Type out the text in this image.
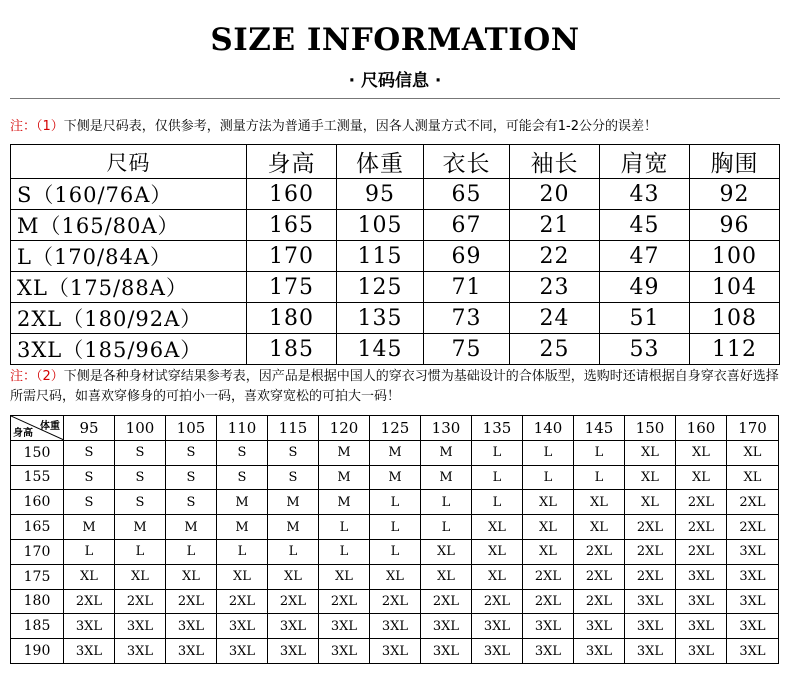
SIZE INFORMATION
· 尺码信息 ·
注：（1）下侧是尺码表，仅供参考，测量方法为普通手工测量，因各人测量方式不同，可能会有1-2公分的误差！
尺码	身高	体重	衣长	袖长	肩宽	胸围
S（160/76A）	160	95	65	20	43	92
M（165/80A）	165	105	67	21	45	96
L（170/84A）	170	115	69	22	47	100
XL（175/88A）	175	125	71	23	49	104
2XL（180/92A）	180	135	73	24	51	108
3XL（185/96A）	185	145	75	25	53	112
注：（2）下侧是各种身材试穿结果参考表，因产品是根据中国人的穿衣习惯为基础设计的合体版型，选购时还请根据自身穿衣喜好选择所需尺码，如喜欢穿修身的可拍小一码，喜欢穿宽松的可拍大一码！
体重
身高	95	100	105	110	115	120	125	130	135	140	145	150	160	170
150	S	S	S	S	S	M	M	M	L	L	L	XL	XL	XL
155	S	S	S	S	S	M	M	M	L	L	L	XL	XL	XL
160	S	S	S	M	M	M	L	L	L	XL	XL	XL	2XL	2XL
165	M	M	M	M	M	L	L	L	XL	XL	XL	2XL	2XL	2XL
170	L	L	L	L	L	L	L	XL	XL	XL	2XL	2XL	2XL	3XL
175	XL	XL	XL	XL	XL	XL	XL	XL	XL	2XL	2XL	2XL	3XL	3XL
180	2XL	2XL	2XL	2XL	2XL	2XL	2XL	2XL	2XL	2XL	2XL	3XL	3XL	3XL
185	3XL	3XL	3XL	3XL	3XL	3XL	3XL	3XL	3XL	3XL	3XL	3XL	3XL	3XL
190	3XL	3XL	3XL	3XL	3XL	3XL	3XL	3XL	3XL	3XL	3XL	3XL	3XL	3XL
